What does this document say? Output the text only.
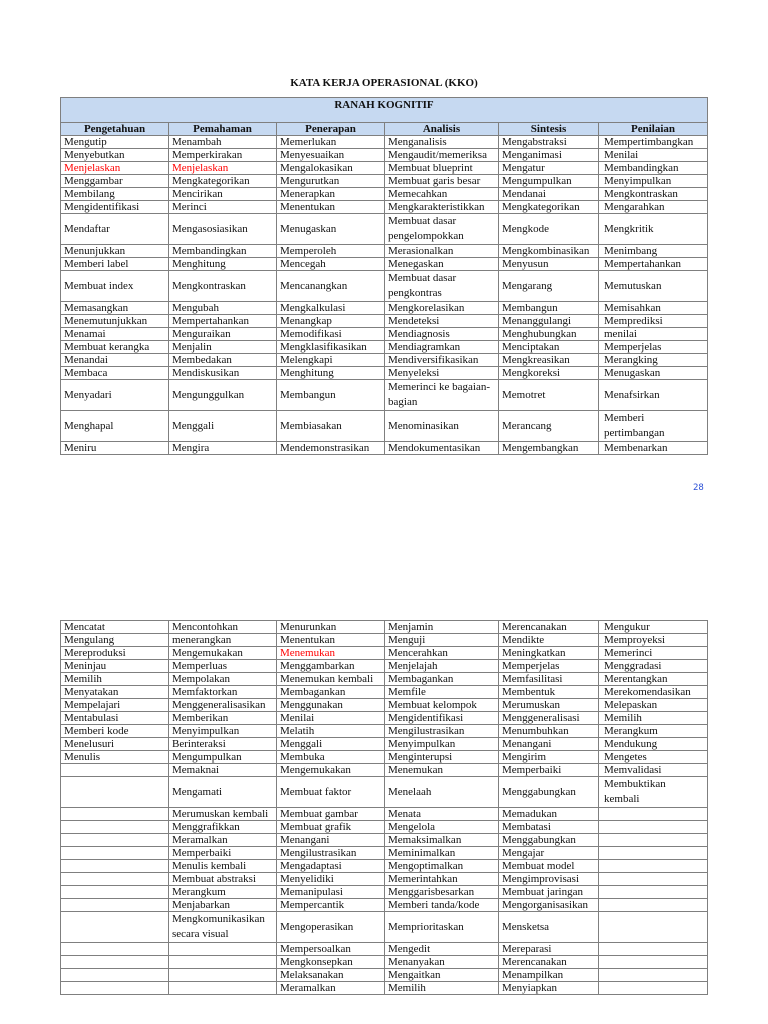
KATA KERJA OPERASIONAL (KKO)
RANAH KOGNITIF					
Pengetahuan	Pemahaman	Penerapan	Analisis	Sintesis	Penilaian
Mengutip	Menambah	Memerlukan	Menganalisis	Mengabstraksi	Mempertimbangkan
Menyebutkan	Memperkirakan	Menyesuaikan	Mengaudit/memeriksa	Menganimasi	Menilai
Menjelaskan	Menjelaskan	Mengalokasikan	Membuat blueprint	Mengatur	Membandingkan
Menggambar	Mengkategorikan	Mengurutkan	Membuat garis besar	Mengumpulkan	Menyimpulkan
Membilang	Mencirikan	Menerapkan	Memecahkan	Mendanai	Mengkontraskan
Mengidentifikasi	Merinci	Menentukan	Mengkarakteristikkan	Mengkategorikan	Mengarahkan
Mendaftar	Mengasosiasikan	Menugaskan	Membuat dasar pengelompokkan	Mengkode	Mengkritik
Menunjukkan	Membandingkan	Memperoleh	Merasionalkan	Mengkombinasikan	Menimbang
Memberi label	Menghitung	Mencegah	Menegaskan	Menyusun	Mempertahankan
Membuat index	Mengkontraskan	Mencanangkan	Membuat dasar pengkontras	Mengarang	Memutuskan
Memasangkan	Mengubah	Mengkalkulasi	Mengkorelasikan	Membangun	Memisahkan
Menemutunjukkan	Mempertahankan	Menangkap	Mendeteksi	Menanggulangi	Memprediksi
Menamai	Menguraikan	Memodifikasi	Mendiagnosis	Menghubungkan	menilai
Membuat kerangka	Menjalin	Mengklasifikasikan	Mendiagramkan	Menciptakan	Memperjelas
Menandai	Membedakan	Melengkapi	Mendiversifikasikan	Mengkreasikan	Merangking
Membaca	Mendiskusikan	Menghitung	Menyeleksi	Mengkoreksi	Menugaskan
Menyadari	Mengunggulkan	Membangun	Memerinci ke bagaian-bagian	Memotret	Menafsirkan
Menghapal	Menggali	Membiasakan	Menominasikan	Merancang	Memberi pertimbangan
Meniru	Mengira	Mendemonstrasikan	Mendokumentasikan	Mengembangkan	Membenarkan
28
Mencatat	Mencontohkan	Menurunkan	Menjamin	Merencanakan	Mengukur
Mengulang	menerangkan	Menentukan	Menguji	Mendikte	Memproyeksi
Mereproduksi	Mengemukakan	Menemukan	Mencerahkan	Meningkatkan	Memerinci
Meninjau	Memperluas	Menggambarkan	Menjelajah	Memperjelas	Menggradasi
Memilih	Mempolakan	Menemukan kembali	Membagankan	Memfasilitasi	Merentangkan
Menyatakan	Memfaktorkan	Membagankan	Memfile	Membentuk	Merekomendasikan
Mempelajari	Menggeneralisasikan	Menggunakan	Membuat kelompok	Merumuskan	Melepaskan
Mentabulasi	Memberikan	Menilai	Mengidentifikasi	Menggeneralisasi	Memilih
Memberi kode	Menyimpulkan	Melatih	Mengilustrasikan	Menumbuhkan	Merangkum
Menelusuri	Berinteraksi	Menggali	Menyimpulkan	Menangani	Mendukung
Menulis	Mengumpulkan	Membuka	Menginterupsi	Mengirim	Mengetes
	Memaknai	Mengemukakan	Menemukan	Memperbaiki	Memvalidasi
	Mengamati	Membuat faktor	Menelaah	Menggabungkan	Membuktikan kembali
	Merumuskan kembali	Membuat gambar	Menata	Memadukan	
	Menggrafikkan	Membuat grafik	Mengelola	Membatasi	
	Meramalkan	Menangani	Memaksimalkan	Menggabungkan	
	Memperbaiki	Mengilustrasikan	Meminimalkan	Mengajar	
	Menulis kembali	Mengadaptasi	Mengoptimalkan	Membuat model	
	Membuat abstraksi	Menyelidiki	Memerintahkan	Mengimprovisasi	
	Merangkum	Memanipulasi	Menggarisbesarkan	Membuat jaringan	
	Menjabarkan	Mempercantik	Memberi tanda/kode	Mengorganisasikan	
	Mengkomunikasikan secara visual	Mengoperasikan	Memprioritaskan	Mensketsa	
		Mempersoalkan	Mengedit	Mereparasi	
		Mengkonsepkan	Menanyakan	Merencanakan	
		Melaksanakan	Mengaitkan	Menampilkan	
		Meramalkan	Memilih	Menyiapkan	
